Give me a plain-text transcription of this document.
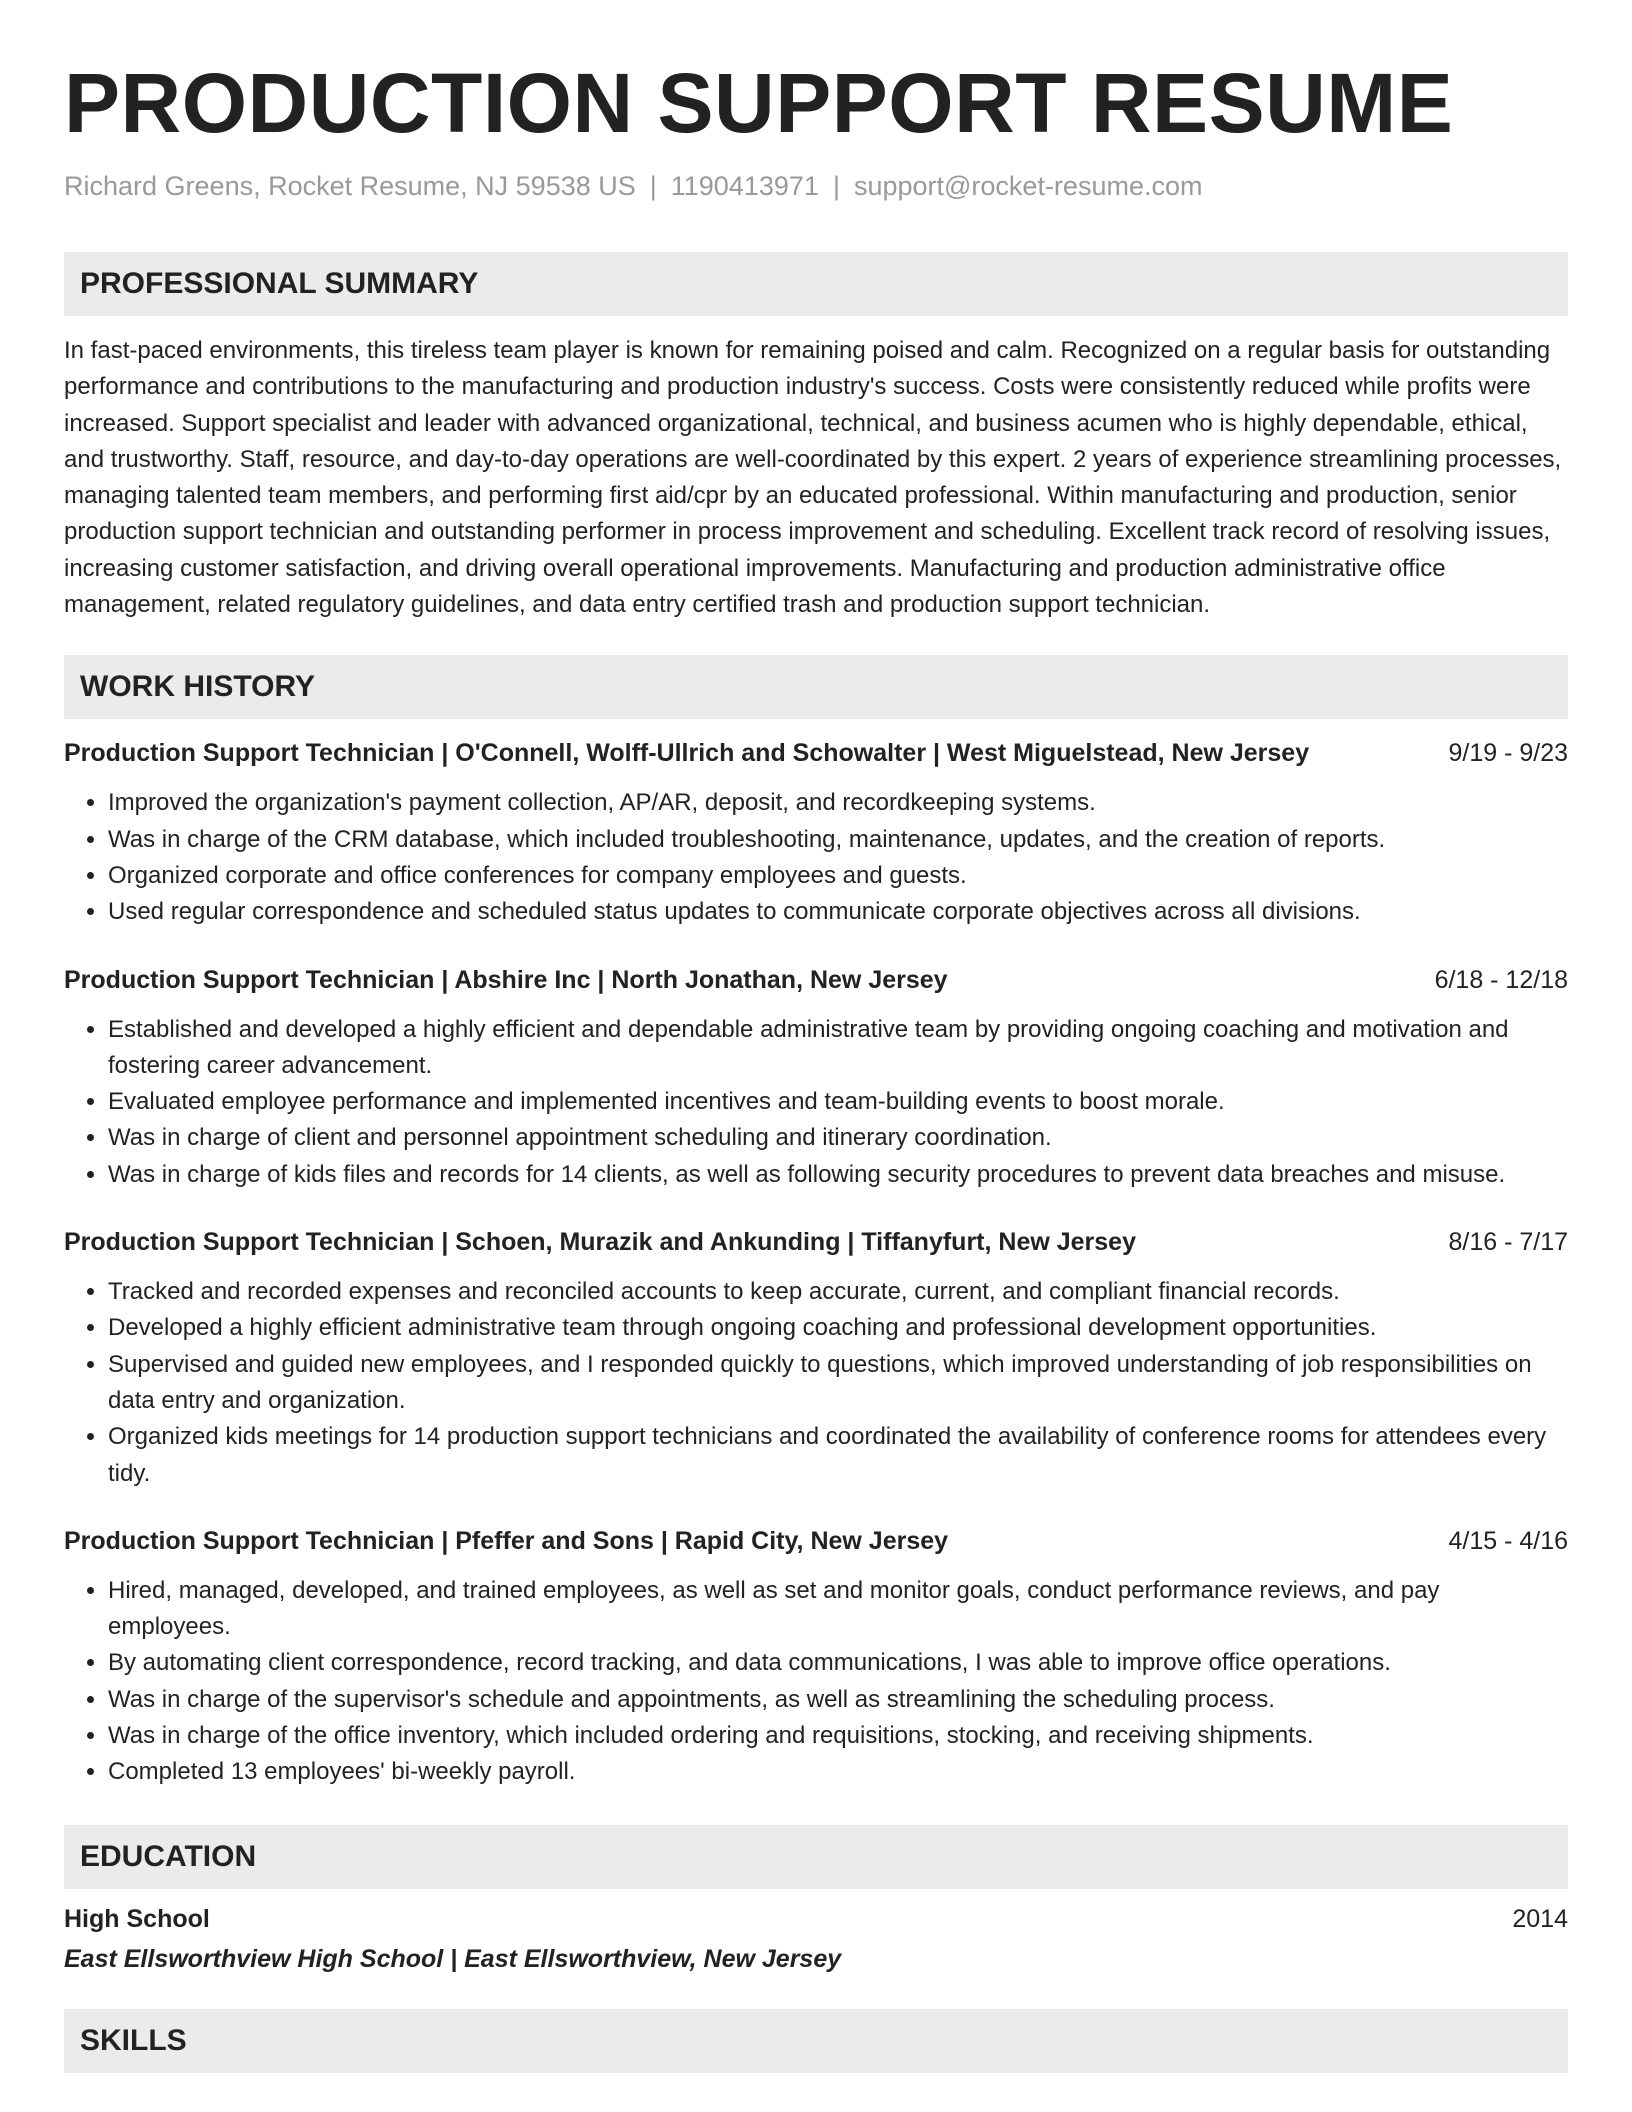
PRODUCTION SUPPORT RESUME
Richard Greens, Rocket Resume, NJ 59538 US | 1190413971 | support@rocket-resume.com
PROFESSIONAL SUMMARY
In fast-paced environments, this tireless team player is known for remaining poised and calm. Recognized on a regular basis for outstanding performance and contributions to the manufacturing and production industry's success. Costs were consistently reduced while profits were increased. Support specialist and leader with advanced organizational, technical, and business acumen who is highly dependable, ethical, and trustworthy. Staff, resource, and day-to-day operations are well-coordinated by this expert. 2 years of experience streamlining processes, managing talented team members, and performing first aid/cpr by an educated professional. Within manufacturing and production, senior production support technician and outstanding performer in process improvement and scheduling. Excellent track record of resolving issues, increasing customer satisfaction, and driving overall operational improvements. Manufacturing and production administrative office management, related regulatory guidelines, and data entry certified trash and production support technician.
WORK HISTORY
Production Support Technician | O'Connell, Wolff-Ullrich and Schowalter | West Miguelstead, New Jersey	9/19 - 9/23
• Improved the organization's payment collection, AP/AR, deposit, and recordkeeping systems.
• Was in charge of the CRM database, which included troubleshooting, maintenance, updates, and the creation of reports.
• Organized corporate and office conferences for company employees and guests.
• Used regular correspondence and scheduled status updates to communicate corporate objectives across all divisions.
Production Support Technician | Abshire Inc | North Jonathan, New Jersey	6/18 - 12/18
• Established and developed a highly efficient and dependable administrative team by providing ongoing coaching and motivation and fostering career advancement.
• Evaluated employee performance and implemented incentives and team-building events to boost morale.
• Was in charge of client and personnel appointment scheduling and itinerary coordination.
• Was in charge of kids files and records for 14 clients, as well as following security procedures to prevent data breaches and misuse.
Production Support Technician | Schoen, Murazik and Ankunding | Tiffanyfurt, New Jersey	8/16 - 7/17
• Tracked and recorded expenses and reconciled accounts to keep accurate, current, and compliant financial records.
• Developed a highly efficient administrative team through ongoing coaching and professional development opportunities.
• Supervised and guided new employees, and I responded quickly to questions, which improved understanding of job responsibilities on data entry and organization.
• Organized kids meetings for 14 production support technicians and coordinated the availability of conference rooms for attendees every tidy.
Production Support Technician | Pfeffer and Sons | Rapid City, New Jersey	4/15 - 4/16
• Hired, managed, developed, and trained employees, as well as set and monitor goals, conduct performance reviews, and pay employees.
• By automating client correspondence, record tracking, and data communications, I was able to improve office operations.
• Was in charge of the supervisor's schedule and appointments, as well as streamlining the scheduling process.
• Was in charge of the office inventory, which included ordering and requisitions, stocking, and receiving shipments.
• Completed 13 employees' bi-weekly payroll.
EDUCATION
High School	2014
East Ellsworthview High School | East Ellsworthview, New Jersey
SKILLS
